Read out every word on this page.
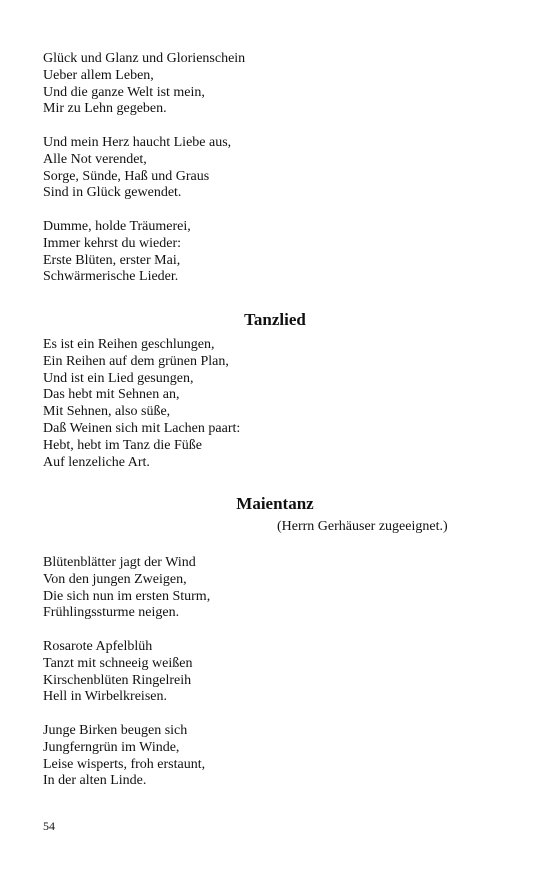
Glück und Glanz und Glorienschein
Ueber allem Leben,
Und die ganze Welt ist mein,
Mir zu Lehn gegeben.
Und mein Herz haucht Liebe aus,
Alle Not verendet,
Sorge, Sünde, Haß und Graus
Sind in Glück gewendet.
Dumme, holde Träumerei,
Immer kehrst du wieder:
Erste Blüten, erster Mai,
Schwärmerische Lieder.
Tanzlied
Es ist ein Reihen geschlungen,
Ein Reihen auf dem grünen Plan,
Und ist ein Lied gesungen,
Das hebt mit Sehnen an,
Mit Sehnen, also süße,
Daß Weinen sich mit Lachen paart:
Hebt, hebt im Tanz die Füße
Auf lenzeliche Art.
Maientanz
(Herrn Gerhäuser zugeeignet.)
Blütenblätter jagt der Wind
Von den jungen Zweigen,
Die sich nun im ersten Sturm,
Frühlingssturme neigen.
Rosarote Apfelblüh
Tanzt mit schneeig weißen
Kirschenblüten Ringelreih
Hell in Wirbelkreisen.
Junge Birken beugen sich
Jungferngrün im Winde,
Leise wisperts, froh erstaunt,
In der alten Linde.
54
